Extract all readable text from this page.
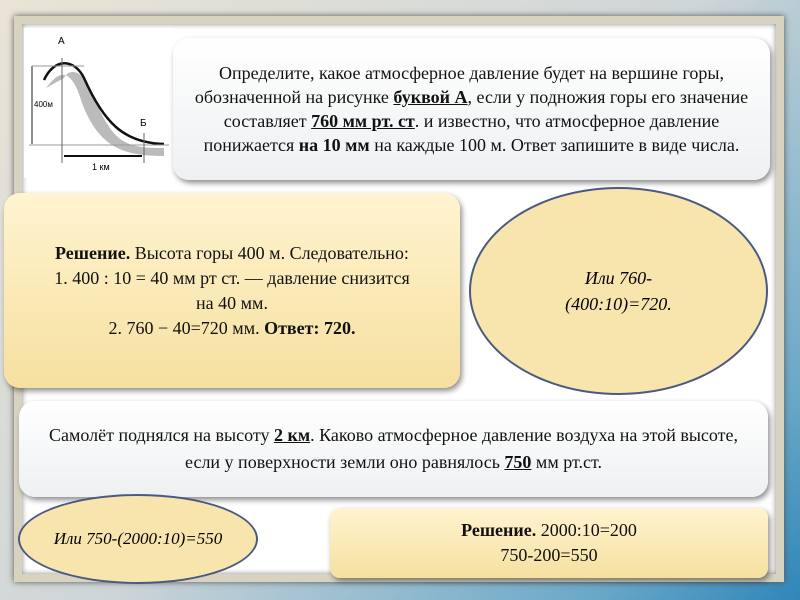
А
Б
400м
1 км
Определите, какое атмосферное давление будет на вершине горы, обозначенной на рисунке буквой А, если у подножия горы его значение составляет 760 мм рт. ст. и известно, что атмосферное давление понижается на 10 мм на каждые 100 м. Ответ запишите в виде числа.
Решение. Высота горы 400 м. Следовательно:
1. 400 : 10 = 40 мм рт ст. — давление снизится на 40 мм.
2. 760 − 40=720 мм. Ответ: 720.
Или 760-(400:10)=720.
Самолёт поднялся на высоту 2 км. Каково атмосферное давление воздуха на этой высоте, если у поверхности земли оно равнялось 750 мм рт.ст.
Решение. 2000:10=200
750-200=550
Или 750-(2000:10)=550
